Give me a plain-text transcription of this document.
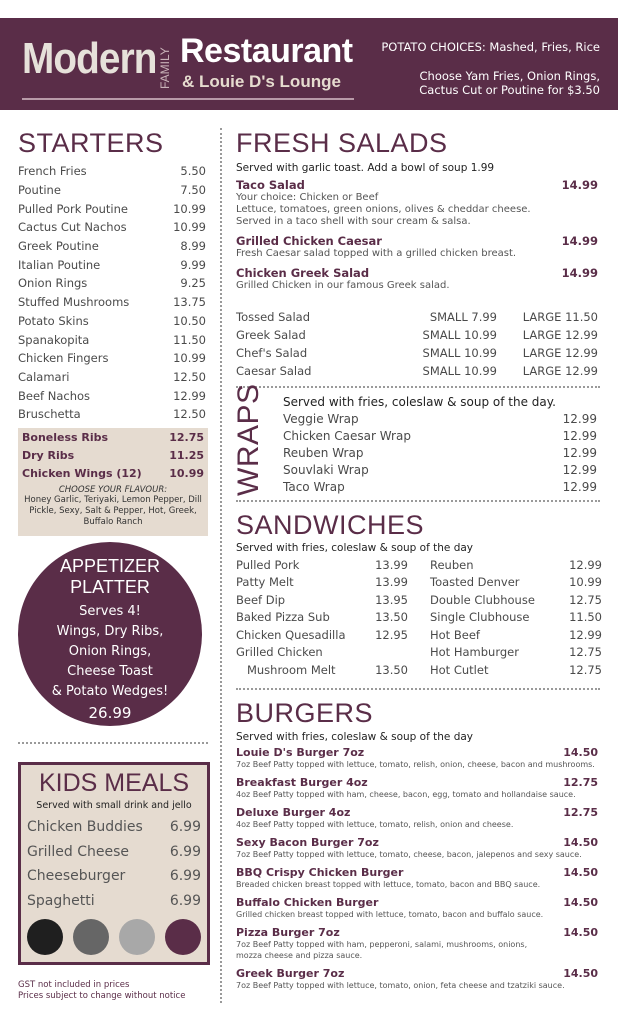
Modern FAMILY Restaurant
& Louie D's Lounge
POTATO CHOICES: Mashed, Fries, Rice
Choose Yam Fries, Onion Rings,
Cactus Cut or Poutine for $3.50
STARTERS
French Fries	5.50
Poutine	7.50
Pulled Pork Poutine	10.99
Cactus Cut Nachos	10.99
Greek Poutine	8.99
Italian Poutine	9.99
Onion Rings	9.25
Stuffed Mushrooms	13.75
Potato Skins	10.50
Spanakopita	11.50
Chicken Fingers	10.99
Calamari	12.50
Beef Nachos	12.99
Bruschetta	12.50
Boneless Ribs	12.75
Dry Ribs	11.25
Chicken Wings (12)	10.99
CHOOSE YOUR FLAVOUR:
Honey Garlic, Teriyaki, Lemon Pepper, Dill Pickle, Sexy, Salt & Pepper, Hot, Greek, Buffalo Ranch
APPETIZER
PLATTER
Serves 4!
Wings, Dry Ribs,
Onion Rings,
Cheese Toast
& Potato Wedges!
26.99
KIDS MEALS
Served with small drink and jello
Chicken Buddies 6.99
Grilled Cheese	6.99
Cheeseburger	6.99
Spaghetti	6.99
GST not included in prices
Prices subject to change without notice
FRESH SALADS
Served with garlic toast. Add a bowl of soup 1.99
Taco Salad	14.99
Your choice: Chicken or Beef
Lettuce, tomatoes, green onions, olives & cheddar cheese.
Served in a taco shell with sour cream & salsa.
Grilled Chicken Caesar	14.99
Fresh Caesar salad topped with a grilled chicken breast.
Chicken Greek Salad	14.99
Grilled Chicken in our famous Greek salad.
Tossed Salad	SMALL 7.99	LARGE 11.50
Greek Salad	SMALL 10.99	LARGE 12.99
Chef's Salad	SMALL 10.99	LARGE 12.99
Caesar Salad	SMALL 10.99	LARGE 12.99
WRAPS Served with fries, coleslaw & soup of the day.
Veggie Wrap	12.99
Chicken Caesar Wrap	12.99
Reuben Wrap	12.99
Souvlaki Wrap	12.99
Taco Wrap	12.99
SANDWICHES
Served with fries, coleslaw & soup of the day
Pulled Pork	13.99
Patty Melt	13.99
Beef Dip	13.95
Baked Pizza Sub	13.50
Chicken Quesadilla	12.95
Grilled Chicken
Mushroom Melt	13.50
Reuben	12.99
Toasted Denver	10.99
Double Clubhouse	12.75
Single Clubhouse	11.50
Hot Beef	12.99
Hot Hamburger	12.75
Hot Cutlet	12.75
BURGERS
Served with fries, coleslaw & soup of the day
Louie D's Burger 7oz	14.50
7oz Beef Patty topped with lettuce, tomato, relish, onion, cheese, bacon and mushrooms.
Breakfast Burger 4oz	12.75
4oz Beef Patty topped with ham, cheese, bacon, egg, tomato and hollandaise sauce.
Deluxe Burger 4oz	12.75
4oz Beef Patty topped with lettuce, tomato, relish, onion and cheese.
Sexy Bacon Burger 7oz	14.50
7oz Beef Patty topped with lettuce, tomato, cheese, bacon, jalepenos and sexy sauce.
BBQ Crispy Chicken Burger	14.50
Breaded chicken breast topped with lettuce, tomato, bacon and BBQ sauce.
Buffalo Chicken Burger	14.50
Grilled chicken breast topped with lettuce, tomato, bacon and buffalo sauce.
Pizza Burger 7oz	14.50
7oz Beef Patty topped with ham, pepperoni, salami, mushrooms, onions,
mozza cheese and pizza sauce.
Greek Burger 7oz	14.50
7oz Beef Patty topped with lettuce, tomato, onion, feta cheese and tzatziki sauce.
